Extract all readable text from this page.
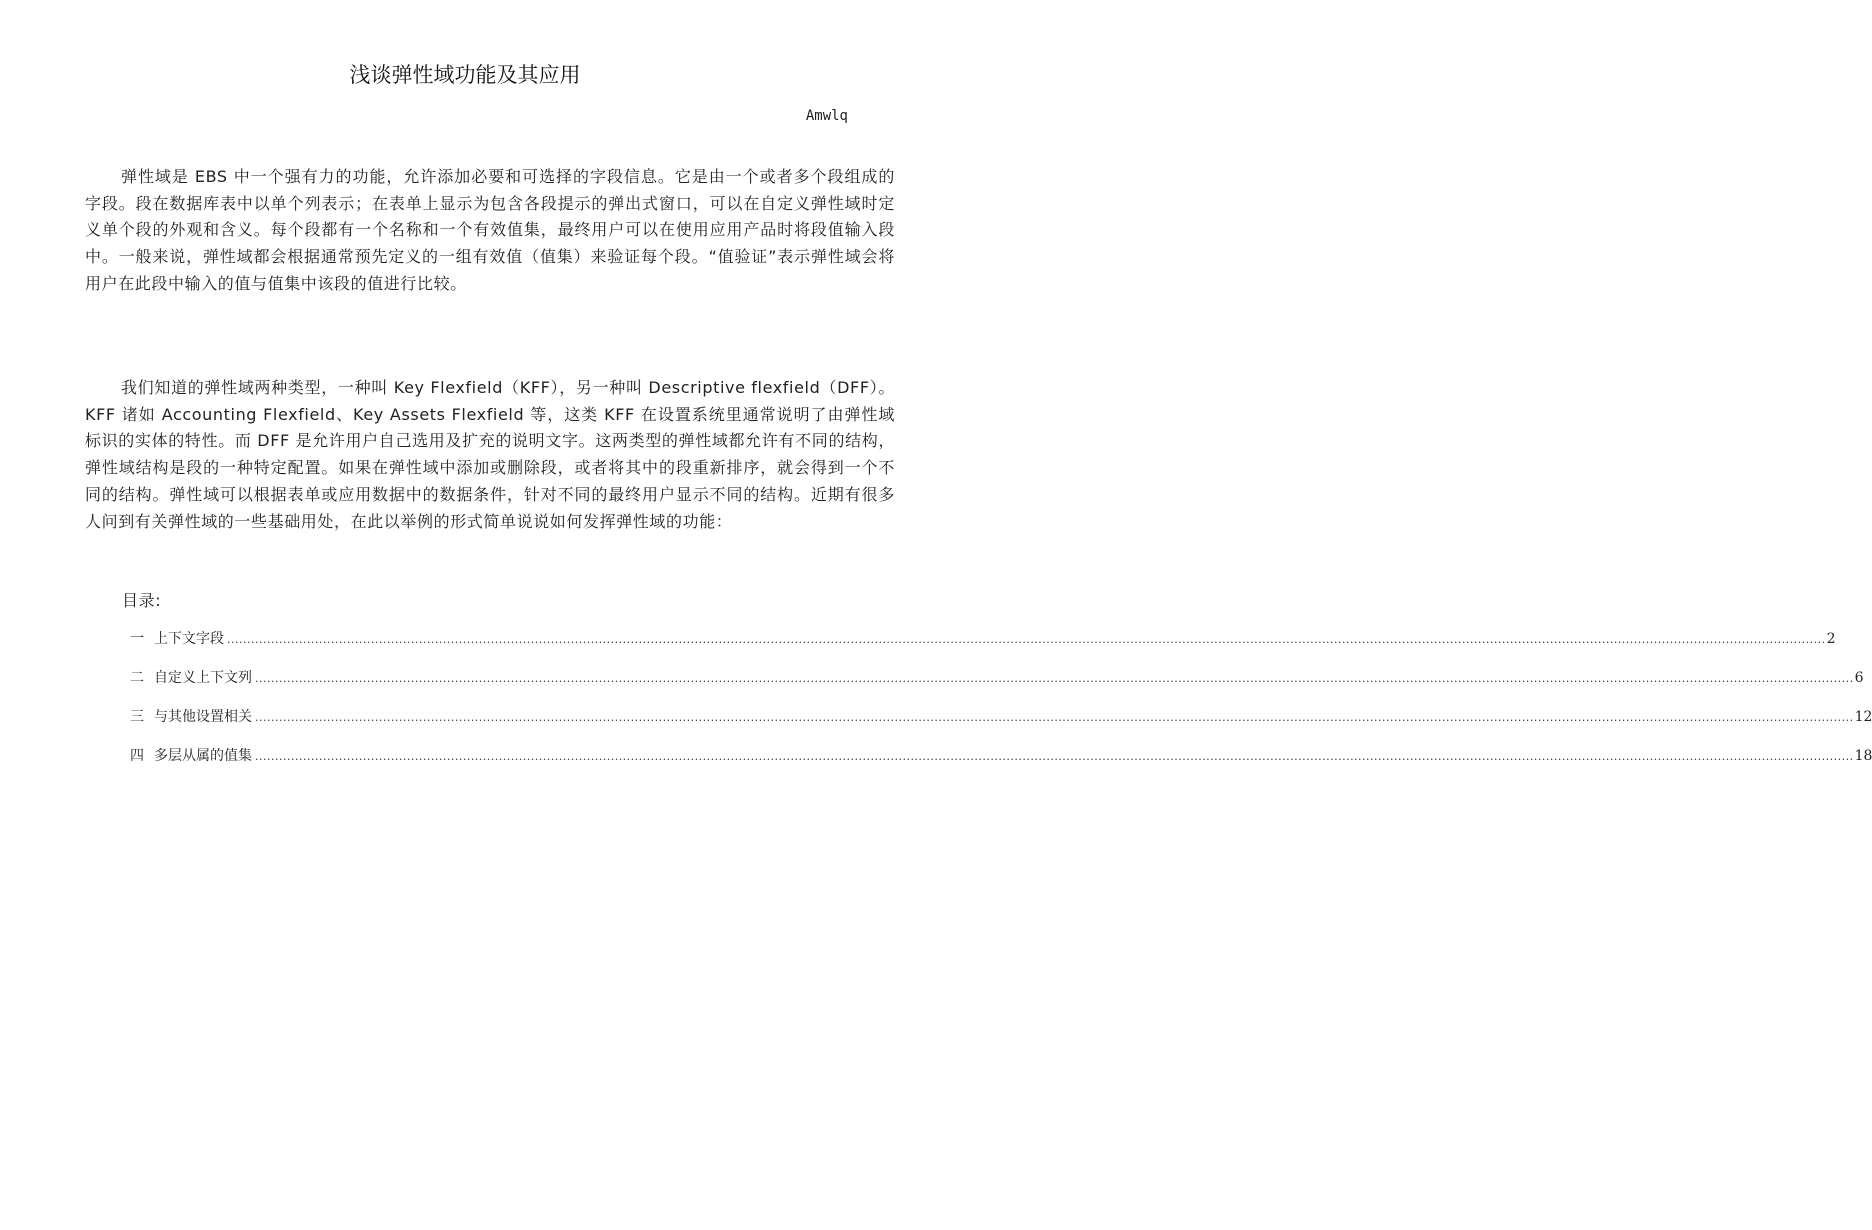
浅谈弹性域功能及其应用
Amwlq

弹性域是 EBS 中一个强有力的功能，允许添加必要和可选择的字段信息。它是由一个或者多个段组成的字段。段在数据库表中以单个列表示；在表单上显示为包含各段提示的弹出式窗口，可以在自定义弹性域时定义单个段的外观和含义。每个段都有一个名称和一个有效值集，最终用户可以在使用应用产品时将段值输入段中。一般来说，弹性域都会根据通常预先定义的一组有效值（值集）来验证每个段。“值验证”表示弹性域会将用户在此段中输入的值与值集中该段的值进行比较。

我们知道的弹性域两种类型，一种叫 Key Flexfield（KFF），另一种叫 Descriptive flexfield（DFF）。KFF 诸如 Accounting Flexfield、Key Assets Flexfield 等，这类 KFF 在设置系统里通常说明了由弹性域标识的实体的特性。而 DFF 是允许用户自己选用及扩充的说明文字。这两类型的弹性域都允许有不同的结构，弹性域结构是段的一种特定配置。如果在弹性域中添加或删除段，或者将其中的段重新排序，就会得到一个不同的结构。弹性域可以根据表单或应用数据中的数据条件，针对不同的最终用户显示不同的结构。近期有很多人问到有关弹性域的一些基础用处，在此以举例的形式简单说说如何发挥弹性域的功能：

目录:
一 上下文字段 ................................................................................................................................................................................................................................................................................................................................................................................................................ 2
二 自定义上下文列 ................................................................................................................................................................................................................................................................................................................................................................................................................ 6
三 与其他设置相关 ................................................................................................................................................................................................................................................................................................................................................................................................................ 12
四 多层从属的值集 ................................................................................................................................................................................................................................................................................................................................................................................................................ 18
